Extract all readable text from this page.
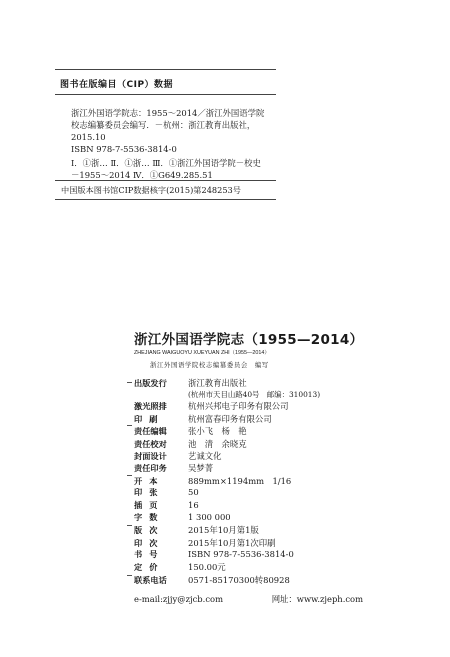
图书在版编目（CIP）数据
浙江外国语学院志：1955～2014／浙江外国语学院
校志编纂委员会编写．－杭州：浙江教育出版社，
2015.10
ISBN 978-7-5536-3814-0
Ⅰ．①浙… Ⅱ．①浙… Ⅲ．①浙江外国语学院－校史
－1955～2014 Ⅳ．①G649.285.51
中国版本图书馆CIP数据核字(2015)第248253号
浙江外国语学院志（1955—2014）
ZHEJIANG WAIGUOYU XUEYUAN ZHI（1955—2014）
浙江外国语学院校志编纂委员会　编写
出版发行	浙江教育出版社
(杭州市天目山路40号　邮编：310013)
激光照排	杭州兴邦电子印务有限公司
印刷	杭州富春印务有限公司
责任编辑	张小飞　杨　艳
责任校对	池　清　余晓克
封面设计	艺诚文化
责任印务	吴梦菁
开本	889mm×1194mm　1/16
印张	50
插页	16
字数	1 300 000
版次	2015年10月第1版
印次	2015年10月第1次印刷
书号	ISBN 978-7-5536-3814-0
定价	150.00元
联系电话	0571-85170300转80928
e-mail:zjjy@zjcb.com	网址：www.zjeph.com
